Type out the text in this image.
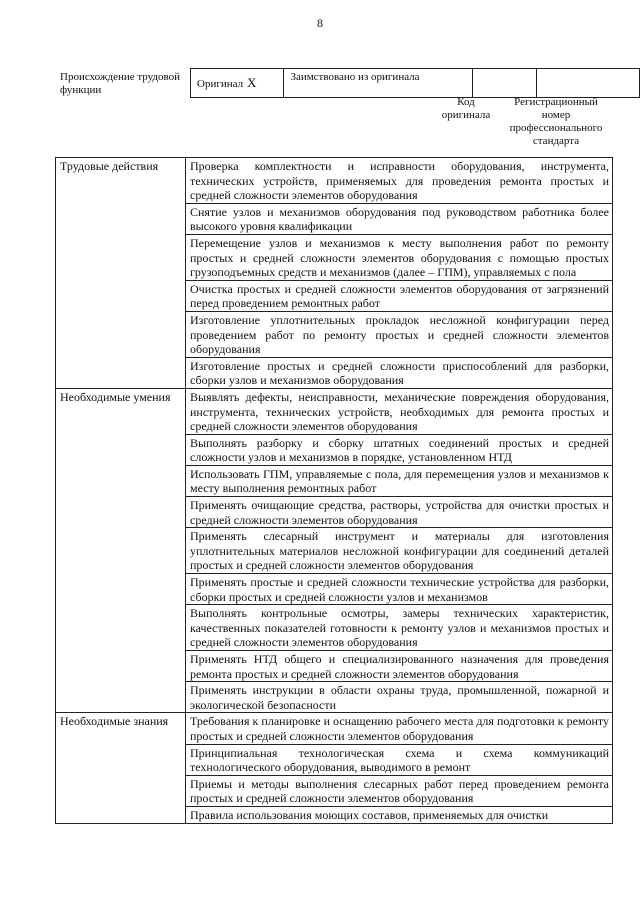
8
Происхождение трудовой функции	Оригинал X	Заимствовано из оригинала		
Код оригинала
Регистрационный номер профессионального стандарта
Трудовые действия	Проверка комплектности и исправности оборудования, инструмента, технических устройств, применяемых для проведения ремонта простых и средней сложности элементов оборудования
	Снятие узлов и механизмов оборудования под руководством работника более высокого уровня квалификации
	Перемещение узлов и механизмов к месту выполнения работ по ремонту простых и средней сложности элементов оборудования с помощью простых грузоподъемных средств и механизмов (далее – ГПМ), управляемых с пола
	Очистка простых и средней сложности элементов оборудования от загрязнений перед проведением ремонтных работ
	Изготовление уплотнительных прокладок несложной конфигурации перед проведением работ по ремонту простых и средней сложности элементов оборудования
	Изготовление простых и средней сложности приспособлений для разборки, сборки узлов и механизмов оборудования
Необходимые умения	Выявлять дефекты, неисправности, механические повреждения оборудования, инструмента, технических устройств, необходимых для ремонта простых и средней сложности элементов оборудования
	Выполнять разборку и сборку штатных соединений простых и средней сложности узлов и механизмов в порядке, установленном НТД
	Использовать ГПМ, управляемые с пола, для перемещения узлов и механизмов к месту выполнения ремонтных работ
	Применять очищающие средства, растворы, устройства для очистки простых и средней сложности элементов оборудования
	Применять слесарный инструмент и материалы для изготовления уплотнительных материалов несложной конфигурации для соединений деталей простых и средней сложности элементов оборудования
	Применять простые и средней сложности технические устройства для разборки, сборки простых и средней сложности узлов и механизмов
	Выполнять контрольные осмотры, замеры технических характеристик, качественных показателей готовности к ремонту узлов и механизмов простых и средней сложности элементов оборудования
	Применять НТД общего и специализированного назначения для проведения ремонта простых и средней сложности элементов оборудования
	Применять инструкции в области охраны труда, промышленной, пожарной и экологической безопасности
Необходимые знания	Требования к планировке и оснащению рабочего места для подготовки к ремонту простых и средней сложности элементов оборудования
	Принципиальная технологическая схема и схема коммуникаций технологического оборудования, выводимого в ремонт
	Приемы и методы выполнения слесарных работ перед проведением ремонта простых и средней сложности элементов оборудования
	Правила использования моющих составов, применяемых для очистки
